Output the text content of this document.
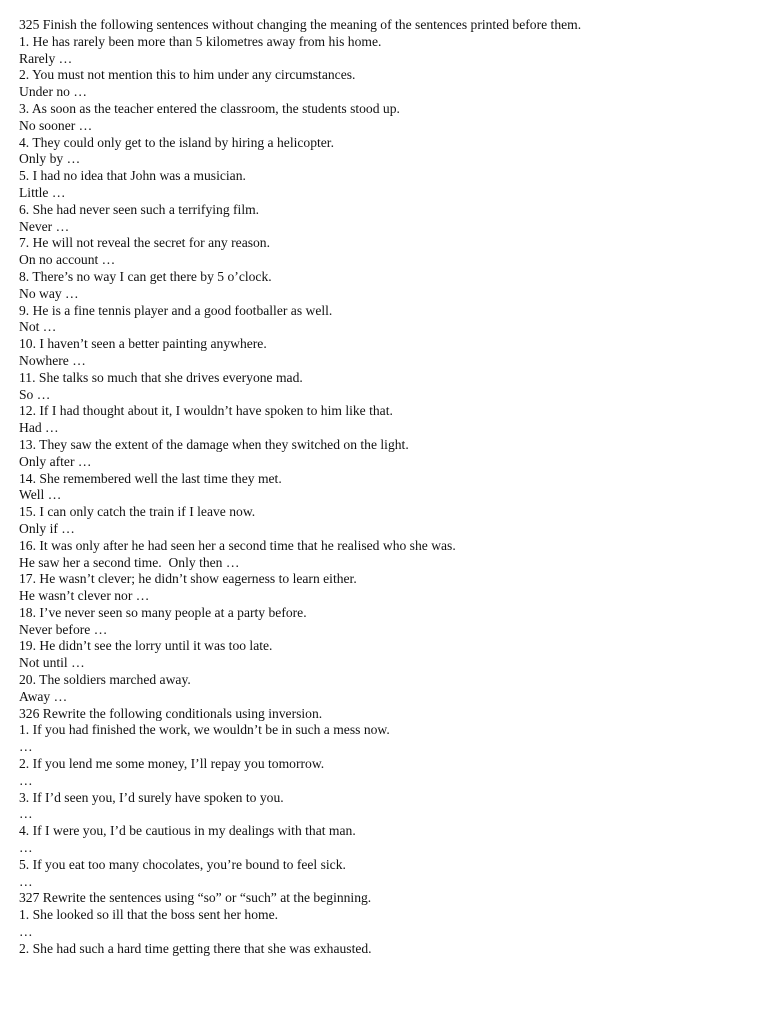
325 Finish the following sentences without changing the meaning of the sentences printed before them.
1. He has rarely been more than 5 kilometres away from his home.
Rarely …
2. You must not mention this to him under any circumstances.
Under no …
3. As soon as the teacher entered the classroom, the students stood up.
No sooner …
4. They could only get to the island by hiring a helicopter.
Only by …
5. I had no idea that John was a musician.
Little …
6. She had never seen such a terrifying film.
Never …
7. He will not reveal the secret for any reason.
On no account …
8. There’s no way I can get there by 5 o’clock.
No way …
9. He is a fine tennis player and a good footballer as well.
Not …
10. I haven’t seen a better painting anywhere.
Nowhere …
11. She talks so much that she drives everyone mad.
So …
12. If I had thought about it, I wouldn’t have spoken to him like that.
Had …
13. They saw the extent of the damage when they switched on the light.
Only after …
14. She remembered well the last time they met.
Well …
15. I can only catch the train if I leave now.
Only if …
16. It was only after he had seen her a second time that he realised who she was.
He saw her a second time.  Only then …
17. He wasn’t clever; he didn’t show eagerness to learn either.
He wasn’t clever nor …
18. I’ve never seen so many people at a party before.
Never before …
19. He didn’t see the lorry until it was too late.
Not until …
20. The soldiers marched away.
Away …
326 Rewrite the following conditionals using inversion.
1. If you had finished the work, we wouldn’t be in such a mess now.
…
2. If you lend me some money, I’ll repay you tomorrow.
…
3. If I’d seen you, I’d surely have spoken to you.
…
4. If I were you, I’d be cautious in my dealings with that man.
…
5. If you eat too many chocolates, you’re bound to feel sick.
…
327 Rewrite the sentences using “so” or “such” at the beginning.
1. She looked so ill that the boss sent her home.
…
2. She had such a hard time getting there that she was exhausted.
